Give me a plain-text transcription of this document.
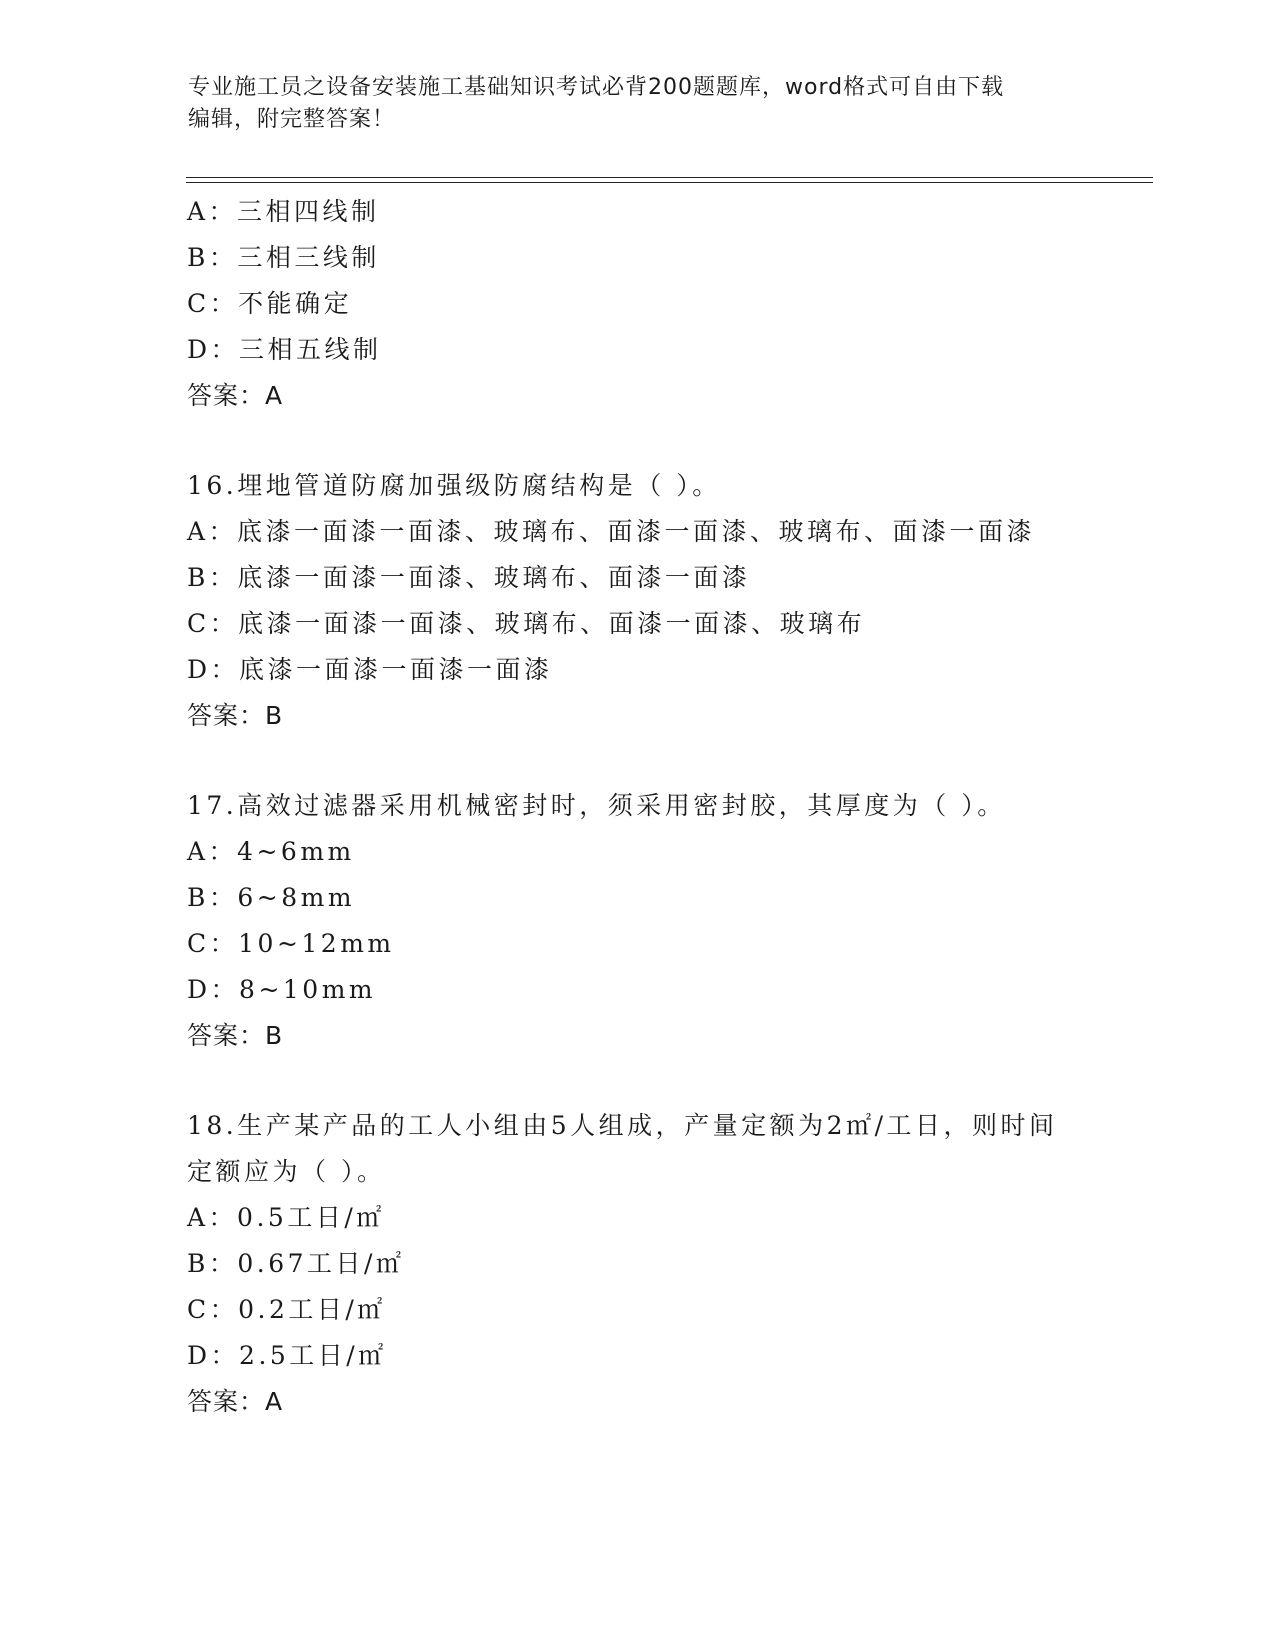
专业施工员之设备安装施工基础知识考试必背200题题库，word格式可自由下载
编辑，附完整答案！
A：三相四线制
B：三相三线制
C：不能确定
D：三相五线制
答案：A
16.埋地管道防腐加强级防腐结构是（ ）。
A：底漆一面漆一面漆、玻璃布、面漆一面漆、玻璃布、面漆一面漆
B：底漆一面漆一面漆、玻璃布、面漆一面漆
C：底漆一面漆一面漆、玻璃布、面漆一面漆、玻璃布
D：底漆一面漆一面漆一面漆
答案：B
17.高效过滤器采用机械密封时，须采用密封胶，其厚度为（ ）。
A：4~6mm
B：6~8mm
C：10~12mm
D：8~10mm
答案：B
18.生产某产品的工人小组由5人组成，产量定额为2㎡/工日，则时间
定额应为（ ）。
A：0.5工日/㎡
B：0.67工日/㎡
C：0.2工日/㎡
D：2.5工日/㎡
答案：A
